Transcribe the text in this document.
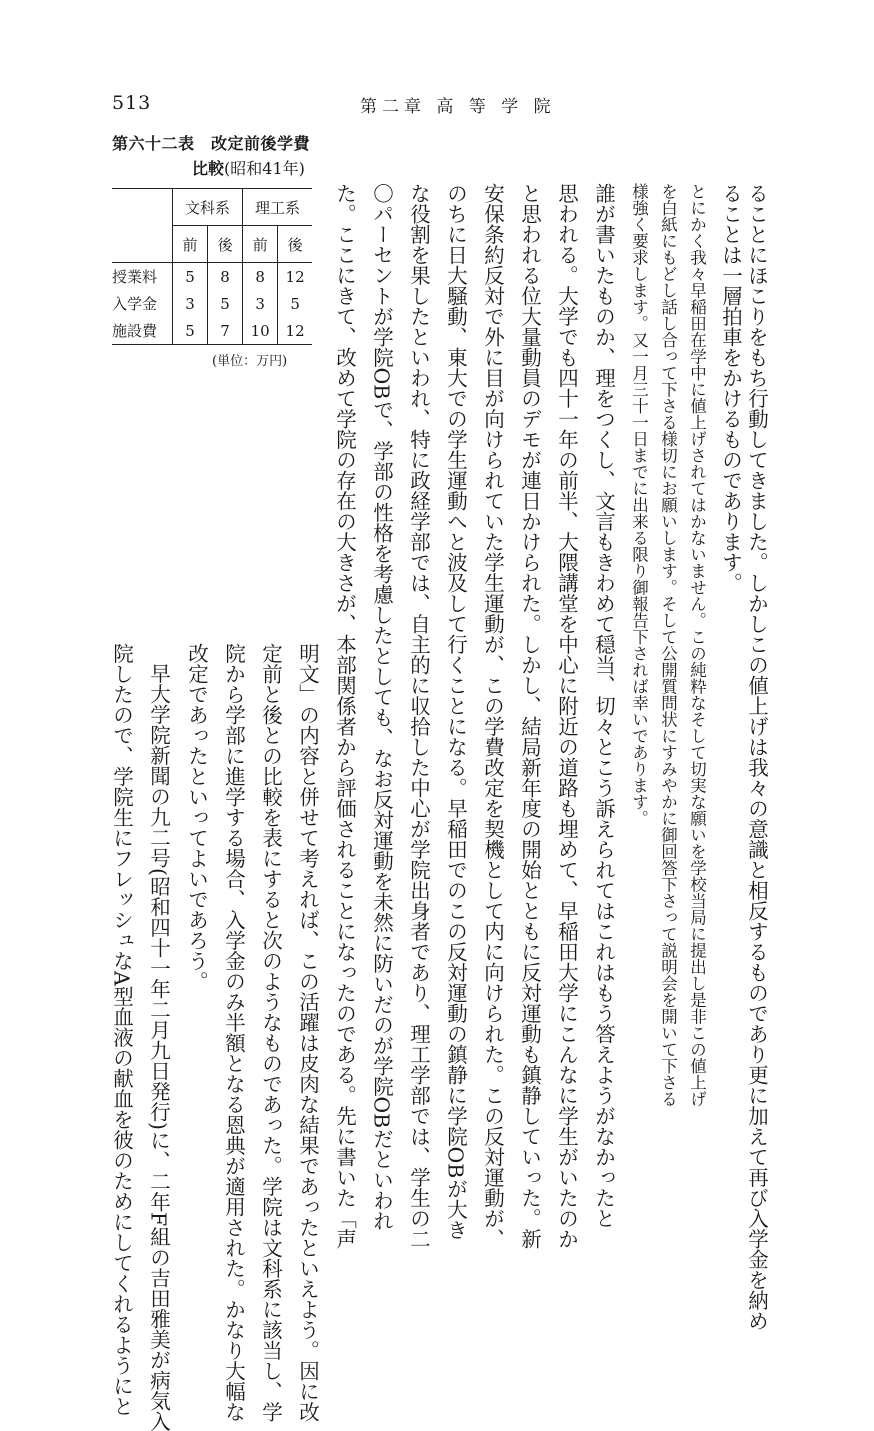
513	第二章 高 等 学 院
ることにほこりをもち行動してきました。しかしこの値上げは我々の意識と相反するものであり更に加えて再び入学金を納め
ることは一層拍車をかけるものであります。
とにかく我々早稲田在学中に値上げされてはかないません。この純粋なそして切実な願いを学校当局に提出し是非この値上げ
を白紙にもどし話し合って下さる様切にお願いします。そして公開質問状にすみやかに御回答下さって説明会を開いて下さる
様強く要求します。又一月三十一日までに出来る限り御報告下されば幸いであります。
誰が書いたものか、理をつくし、文言もきわめて穏当、切々とこう訴えられてはこれはもう答えようがなかったと
思われる。大学でも四十一年の前半、大隈講堂を中心に附近の道路も埋めて、早稲田大学にこんなに学生がいたのか
と思われる位大量動員のデモが連日かけられた。しかし、結局新年度の開始とともに反対運動も鎮静していった。新
安保条約反対で外に目が向けられていた学生運動が、この学費改定を契機として内に向けられた。この反対運動が、
のちに日大騒動、東大での学生運動へと波及して行くことになる。早稲田でのこの反対運動の鎮静に学院OBが大き
な役割を果したといわれ、特に政経学部では、自主的に収拾した中心が学院出身者であり、理工学部では、学生の二
〇パーセントが学院OBで、学部の性格を考慮したとしても、なお反対運動を未然に防いだのが学院OBだといわれ
た。ここにきて、改めて学院の存在の大きさが、本部関係者から評価されることになったのである。先に書いた「声
明文」の内容と併せて考えれば、この活躍は皮肉な結果であったといえよう。因に改
定前と後との比較を表にすると次のようなものであった。学院は文科系に該当し、学
院から学部に進学する場合、入学金のみ半額となる恩典が適用された。かなり大幅な
改定であったといってよいであろう。
早大学院新聞の九二号(昭和四十一年二月九日発行)に、二年F組の吉田雅美が病気入
院したので、学院生にフレッシュなA型血液の献血を彼のためにしてくれるようにと
第六十二表　改定前後学費
比較(昭和41年)
	文科系		理工系	
	前	後	前	後
授業料	5	8	8	12
入学金	3	5	3	5
施設費	5	7	10	12
(単位：万円)
